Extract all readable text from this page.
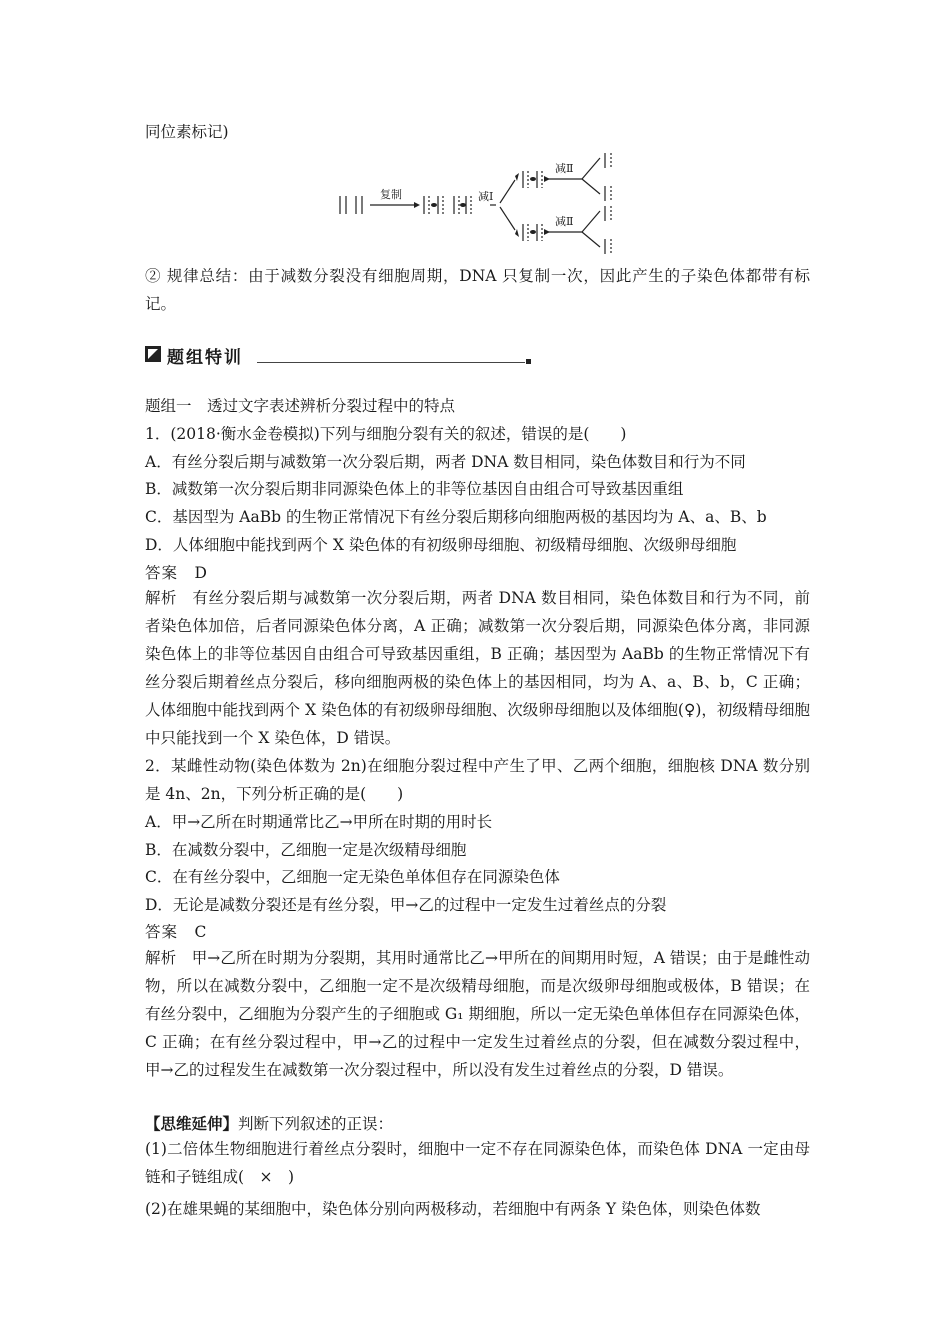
同位素标记)
复制	减Ⅰ
减Ⅱ
减Ⅱ
② 规律总结：由于减数分裂没有细胞周期，DNA 只复制一次，因此产生的子染色体都带有标记。
题组特训
题组一　透过文字表述辨析分裂过程中的特点
1．(2018·衡水金卷模拟)下列与细胞分裂有关的叙述，错误的是(　　)
A．有丝分裂后期与减数第一次分裂后期，两者 DNA 数目相同，染色体数目和行为不同
B．减数第一次分裂后期非同源染色体上的非等位基因自由组合可导致基因重组
C．基因型为 AaBb 的生物正常情况下有丝分裂后期移向细胞两极的基因均为 A、a、B、b
D．人体细胞中能找到两个 X 染色体的有初级卵母细胞、初级精母细胞、次级卵母细胞
答案　D
解析　有丝分裂后期与减数第一次分裂后期，两者 DNA 数目相同，染色体数目和行为不同，前者染色体加倍，后者同源染色体分离，A 正确；减数第一次分裂后期，同源染色体分离，非同源染色体上的非等位基因自由组合可导致基因重组，B 正确；基因型为 AaBb 的生物正常情况下有丝分裂后期着丝点分裂后，移向细胞两极的染色体上的基因相同，均为 A、a、B、b，C 正确；人体细胞中能找到两个 X 染色体的有初级卵母细胞、次级卵母细胞以及体细胞(♀)，初级精母细胞中只能找到一个 X 染色体，D 错误。
2．某雌性动物(染色体数为 2n)在细胞分裂过程中产生了甲、乙两个细胞，细胞核 DNA 数分别是 4n、2n，下列分析正确的是(　　)
A．甲→乙所在时期通常比乙→甲所在时期的用时长
B．在减数分裂中，乙细胞一定是次级精母细胞
C．在有丝分裂中，乙细胞一定无染色单体但存在同源染色体
D．无论是减数分裂还是有丝分裂，甲→乙的过程中一定发生过着丝点的分裂
答案　C
解析　甲→乙所在时期为分裂期，其用时通常比乙→甲所在的间期用时短，A 错误；由于是雌性动物，所以在减数分裂中，乙细胞一定不是次级精母细胞，而是次级卵母细胞或极体，B 错误；在有丝分裂中，乙细胞为分裂产生的子细胞或 G₁ 期细胞，所以一定无染色单体但存在同源染色体，C 正确；在有丝分裂过程中，甲→乙的过程中一定发生过着丝点的分裂，但在减数分裂过程中，甲→乙的过程发生在减数第一次分裂过程中，所以没有发生过着丝点的分裂，D 错误。
【思维延伸】判断下列叙述的正误：
(1)二倍体生物细胞进行着丝点分裂时，细胞中一定不存在同源染色体，而染色体 DNA 一定由母链和子链组成(　×　)
(2)在雄果蝇的某细胞中，染色体分别向两极移动，若细胞中有两条 Y 染色体，则染色体数
